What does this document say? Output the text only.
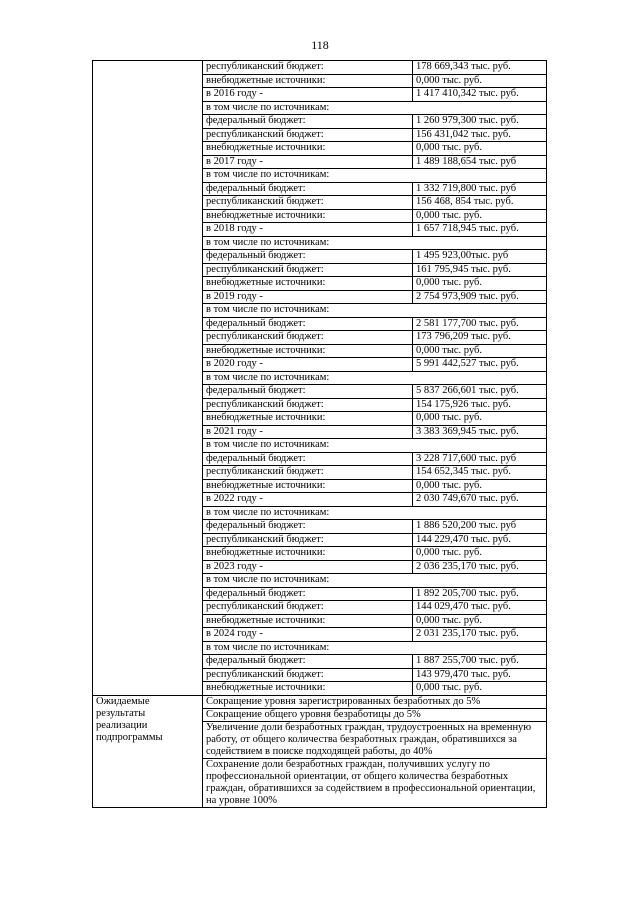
118
	республиканский бюджет:	178 669,343 тыс. руб.
	внебюджетные источники:	0,000 тыс. руб.
	в 2016 году -	1 417 410,342 тыс. руб.
	в том числе по источникам:	
	федеральный бюджет:	1 260 979,300 тыс. руб.
	республиканский бюджет:	156 431,042 тыс. руб.
	внебюджетные источники:	0,000 тыс. руб.
	в 2017 году -	1 489 188,654 тыс. руб
	в том числе по источникам:	
	федеральный бюджет:	1 332 719,800 тыс. руб
	республиканский бюджет:	156 468, 854 тыс. руб.
	внебюджетные источники:	0,000 тыс. руб.
	в 2018 году -	1 657 718,945 тыс. руб.
	в том числе по источникам:	
	федеральный бюджет:	1 495 923,00тыс. руб
	республиканский бюджет:	161 795,945 тыс. руб.
	внебюджетные источники:	0,000 тыс. руб.
	в 2019 году -	2 754 973,909 тыс. руб.
	в том числе по источникам:	
	федеральный бюджет:	2 581 177,700 тыс. руб.
	республиканский бюджет:	173 796,209 тыс. руб.
	внебюджетные источники:	0,000 тыс. руб.
	в 2020 году -	5 991 442,527 тыс. руб.
	в том числе по источникам:	
	федеральный бюджет:	5 837 266,601 тыс. руб.
	республиканский бюджет:	154 175,926 тыс. руб.
	внебюджетные источники:	0,000 тыс. руб.
	в 2021 году -	3 383 369,945 тыс. руб.
	в том числе по источникам:	
	федеральный бюджет:	3 228 717,600 тыс. руб
	республиканский бюджет:	154 652,345 тыс. руб.
	внебюджетные источники:	0,000 тыс. руб.
	в 2022 году -	2 030 749,670 тыс. руб.
	в том числе по источникам:	
	федеральный бюджет:	1 886 520,200 тыс. руб
	республиканский бюджет:	144 229,470 тыс. руб.
	внебюджетные источники:	0,000 тыс. руб.
	в 2023 году -	2 036 235,170 тыс. руб.
	в том числе по источникам:	
	федеральный бюджет:	1 892 205,700 тыс. руб.
	республиканский бюджет:	144 029,470 тыс. руб.
	внебюджетные источники:	0,000 тыс. руб.
	в 2024 году -	2 031 235,170 тыс. руб.
	в том числе по источникам:	
	федеральный бюджет:	1 887 255,700 тыс. руб.
	республиканский бюджет:	143 979,470 тыс. руб.
	внебюджетные источники:	0,000 тыс. руб.
Ожидаемые результаты реализации подпрограммы	Сокращение уровня зарегистрированных безработных до 5%	
	Сокращение общего уровня безработицы до 5%	
	Увеличение доли безработных граждан, трудоустроенных на временную работу, от общего количества безработных граждан, обратившихся за содействием в поиске подходящей работы, до 40%	
	Сохранение доли безработных граждан, получивших услугу по профессиональной ориентации, от общего количества безработных граждан, обратившихся за содействием в профессиональной ориентации, на уровне 100%	
